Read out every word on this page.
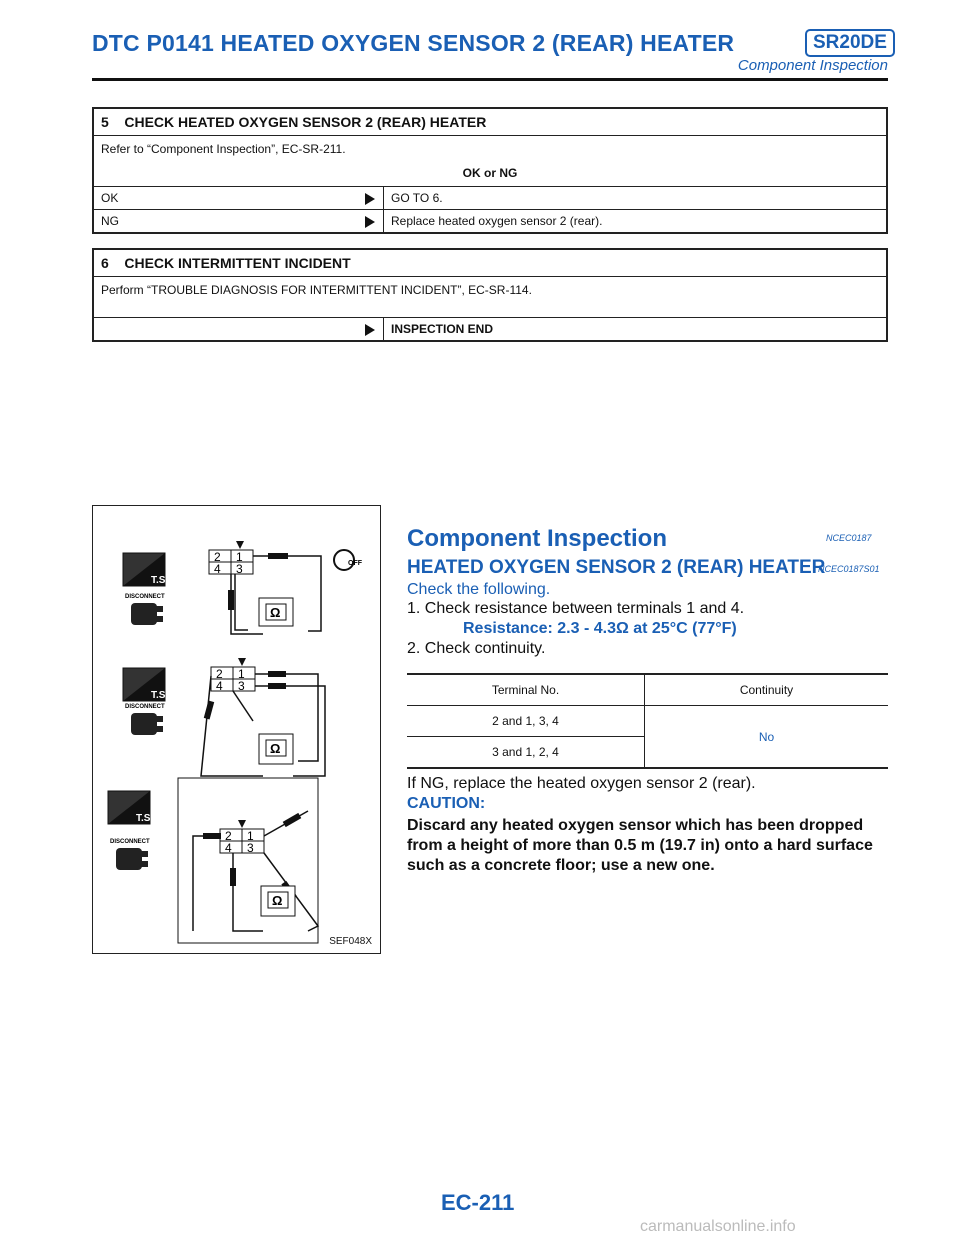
DTC P0141 HEATED OXYGEN SENSOR 2 (REAR) HEATER	SR20DE
Component Inspection
5 CHECK HEATED OXYGEN SENSOR 2 (REAR) HEATER		

Refer to “Component Inspection”, EC-SR-211.
OK or NG		

OK		GO TO 6.
NG		Replace heated oxygen sensor 2 (rear).
6 CHECK INTERMITTENT INCIDENT
Perform “TROUBLE DIAGNOSIS FOR INTERMITTENT INCIDENT”, EC-SR-114.
		INSPECTION END
T.S.
DISCONNECT
2 1
4 3
Ω
OFF
T.S.
DISCONNECT
2 1
4 3
Ω
T.S.
DISCONNECT	2 1
4 3
Ω
SEF048X
Component Inspection	NCEC0187
HEATED OXYGEN SENSOR 2 (REAR) HEATER
NCEC0187S01
Check the following.
1. Check resistance between terminals 1 and 4.
Resistance: 2.3 - 4.3Ω at 25°C (77°F)
2. Check continuity.
Terminal No.	Continuity
2 and 1, 3, 4	No
3 and 1, 2, 4	
If NG, replace the heated oxygen sensor 2 (rear).
CAUTION:
Discard any heated oxygen sensor which has been dropped from a height of more than 0.5 m (19.7 in) onto a hard surface such as a concrete floor; use a new one.
EC-211
carmanualsonline.info
